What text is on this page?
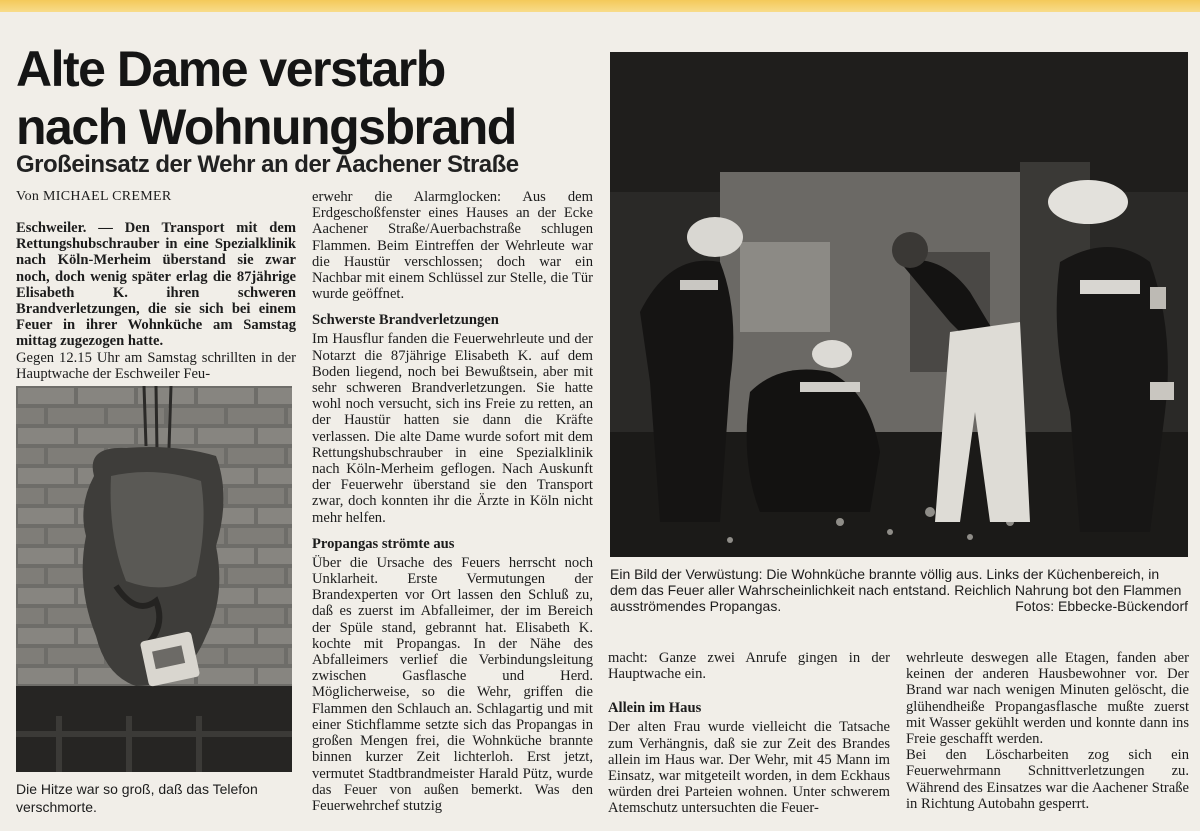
Alte Dame verstarb
nach Wohnungsbrand
Großeinsatz der Wehr an der Aachener Straße
Von MICHAEL CREMER

Eschweiler. — Den Transport mit dem Rettungshubschrauber in eine Spezialklinik nach Köln-Merheim überstand sie zwar noch, doch wenig später erlag die 87jährige Elisabeth K. ihren schweren Brandverletzungen, die sie sich bei einem Feuer in ihrer Wohnküche am Samstag mittag zugezogen hatte.

Gegen 12.15 Uhr am Samstag schrillten in der Hauptwache der Eschweiler Feu-

Die Hitze war so groß, daß das Telefon verschmorte.

erwehr die Alarmglocken: Aus dem Erdgeschoßfenster eines Hauses an der Ecke Aachener Straße/Auerbachstraße schlugen Flammen. Beim Eintreffen der Wehrleute war die Haustür verschlossen; doch war ein Nachbar mit einem Schlüssel zur Stelle, die Tür wurde geöffnet.

Schwerste Brandverletzungen

Im Hausflur fanden die Feuerwehrleute und der Notarzt die 87jährige Elisabeth K. auf dem Boden liegend, noch bei Bewußtsein, aber mit sehr schweren Brandverletzungen. Sie hatte wohl noch versucht, sich ins Freie zu retten, an der Haustür hatten sie dann die Kräfte verlassen. Die alte Dame wurde sofort mit dem Rettungshubschrauber in eine Spezialklinik nach Köln-Merheim geflogen. Nach Auskunft der Feuerwehr überstand sie den Transport zwar, doch konnten ihr die Ärzte in Köln nicht mehr helfen.

Propangas strömte aus

Über die Ursache des Feuers herrscht noch Unklarheit. Erste Vermutungen der Brandexperten vor Ort lassen den Schluß zu, daß es zuerst im Abfalleimer, der im Bereich der Spüle stand, gebrannt hat. Elisabeth K. kochte mit Propangas. In der Nähe des Abfalleimers verlief die Verbindungsleitung zwischen Gasflasche und Herd. Möglicherweise, so die Wehr, griffen die Flammen den Schlauch an. Schlagartig und mit einer Stichflamme setzte sich das Propangas in großen Mengen frei, die Wohnküche brannte binnen kurzer Zeit lichterloh. Erst jetzt, vermutet Stadtbrandmeister Harald Pütz, wurde das Feuer von außen bemerkt. Was den Feuerwehrchef stutzig

Ein Bild der Verwüstung: Die Wohnküche brannte völlig aus. Links der Küchenbereich, in dem das Feuer aller Wahrscheinlichkeit nach entstand. Reichlich Nahrung bot den Flammen ausströmendes Propangas.	Fotos: Ebbecke-Bückendorf

macht: Ganze zwei Anrufe gingen in der Hauptwache ein.

Allein im Haus

Der alten Frau wurde vielleicht die Tatsache zum Verhängnis, daß sie zur Zeit des Brandes allein im Haus war. Der Wehr, mit 45 Mann im Einsatz, war mitgeteilt worden, in dem Eckhaus würden drei Parteien wohnen. Unter schwerem Atemschutz untersuchten die Feuer-

wehrleute deswegen alle Etagen, fanden aber keinen der anderen Hausbewohner vor. Der Brand war nach wenigen Minuten gelöscht, die glühendheiße Propangasflasche mußte zuerst mit Wasser gekühlt werden und konnte dann ins Freie geschafft werden.

Bei den Löscharbeiten zog sich ein Feuerwehrmann Schnittverletzungen zu. Während des Einsatzes war die Aachener Straße in Richtung Autobahn gesperrt.
